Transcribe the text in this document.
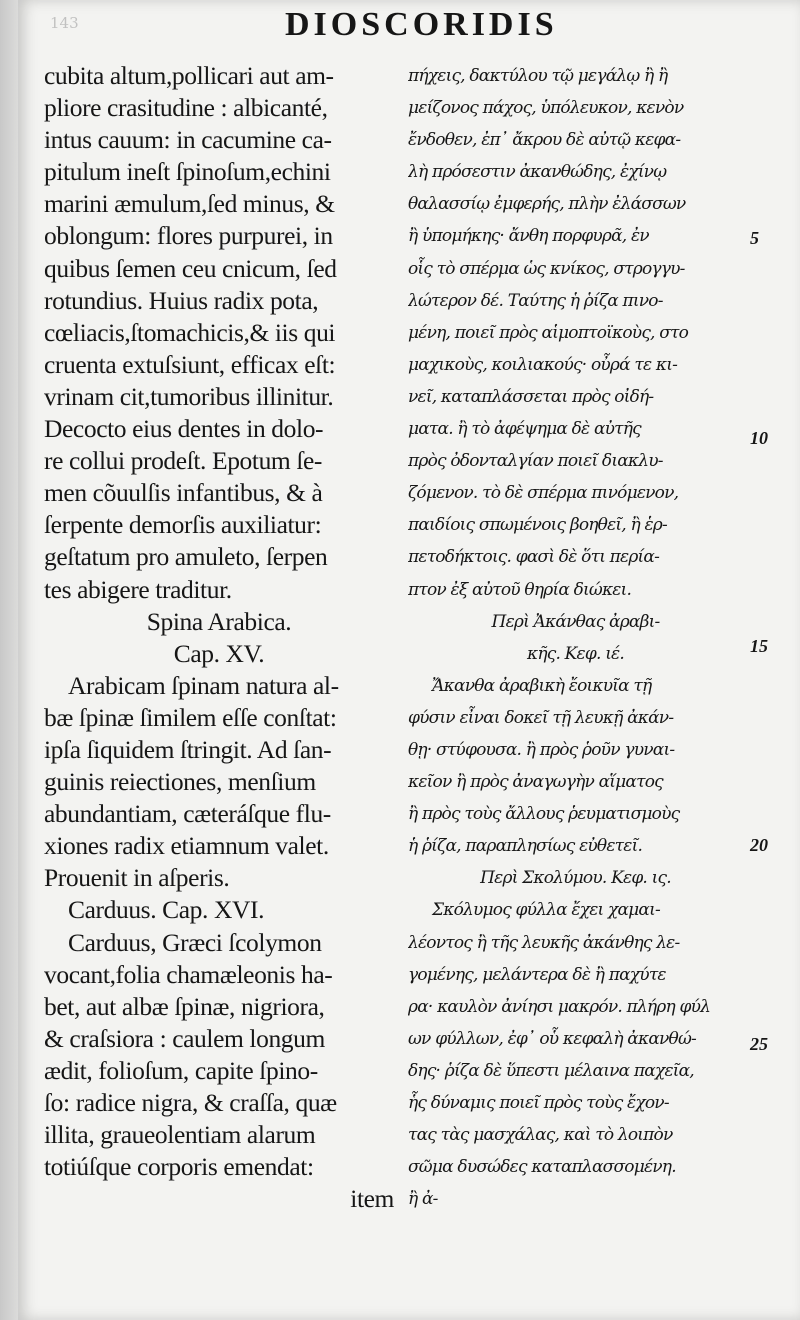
143	DIOSCORIDIS
cubita altum,pollicari aut am-
pliore crasitudine : albicanté,
intus cauum: in cacumine ca-
pitulum ineſt ſpinoſum,echini
marini æmulum,ſed minus, &
oblongum: flores purpurei, in
quibus ſemen ceu cnicum, ſed
rotundius. Huius radix pota,
cœliacis,ſtomachicis,& iis qui
cruenta extuſsiunt, efficax eſt:
vrinam cit,tumoribus illinitur.
Decocto eius dentes in dolo-
re collui prodeſt. Epotum ſe-
men cõuulſis infantibus, & à
ſerpente demorſis auxiliatur:
geſtatum pro amuleto, ſerpen
tes abigere traditur.
Spina Arabica.
Cap. XV.
Arabicam ſpinam natura al-
bæ ſpinæ ſimilem eſſe conſtat:
ipſa ſiquidem ſtringit. Ad ſan-
guinis reiectiones, menſium
abundantiam, cæteráſque flu-
xiones radix etiamnum valet.
Prouenit in aſperis.
Carduus. Cap. XVI.
Carduus, Græci ſcolymon
vocant,folia chamæleonis ha-
bet, aut albæ ſpinæ, nigriora,
& craſsiora : caulem longum
ædit, folioſum, capite ſpino-
ſo: radice nigra, & craſſa, quæ
illita, graueolentiam alarum
totiúſque corporis emendat:
item
πήχεις, δακτύλου τῷ μεγάλῳ ἢ ἢ
μείζονος πάχος, ὑπόλευκον, κενὸν
ἔνδοθεν, ἐπ᾽ ἄκρου δὲ αὐτῷ κεφα-
λὴ πρόσεστιν ἀκανθώδης, ἐχίνῳ
θαλασσίῳ ἐμφερής, πλὴν ἐλάσσων
ἢ ὑπομήκης· ἄνθη πορφυρᾶ, ἐν
οἷς τὸ σπέρμα ὡς κνίκος, στρογγυ-
λώτερον δέ. Ταύτης ἡ ῥίζα πινο-
μένη, ποιεῖ πρὸς αἱμοπτοϊκοὺς, στο
μαχικοὺς, κοιλιακούς· οὖρά τε κι-
νεῖ, καταπλάσσεται πρὸς οἰδή-
ματα. ἢ τὸ ἀφέψημα δὲ αὐτῆς
πρὸς ὀδονταλγίαν ποιεῖ διακλυ-
ζόμενον. τὸ δὲ σπέρμα πινόμενον,
παιδίοις σπωμένοις βοηθεῖ, ἢ ἑρ-
πετοδήκτοις. φασὶ δὲ ὅτι περία-
πτον ἐξ αὐτοῦ θηρία διώκει.
Περὶ Ἀκάνθας ἀραβι-
κῆς. Κεφ. ιέ.
Ἄκανθα ἀραβικὴ ἔοικυῖα τῇ
φύσιν εἶναι δοκεῖ τῇ λευκῇ ἀκάν-
θῃ· στύφουσα. ἢ πρὸς ῥοῦν γυναι-
κεῖον ἢ πρὸς ἀναγωγὴν αἵματος
ἢ πρὸς τοὺς ἄλλους ῥευματισμοὺς
ἡ ῥίζα, παραπλησίως εὐθετεῖ.
Περὶ Σκολύμου. Κεφ. ις.
Σκόλυμος φύλλα ἔχει χαμαι-
λέοντος ἢ τῆς λευκῆς ἀκάνθης λε-
γομένης, μελάντερα δὲ ἢ παχύτε
ρα· καυλὸν ἀνίησι μακρόν. πλήρη φύλ
ων φύλλων, ἐφ᾽ οὗ κεφαλὴ ἀκανθώ-
δης· ῥίζα δὲ ὕπεστι μέλαινα παχεῖα,
ἧς δύναμις ποιεῖ πρὸς τοὺς ἔχον-
τας τὰς μασχάλας, καὶ τὸ λοιπὸν
σῶμα δυσώδες καταπλασσομένη.
ἢ ἀ-
5
10
15
20
25
